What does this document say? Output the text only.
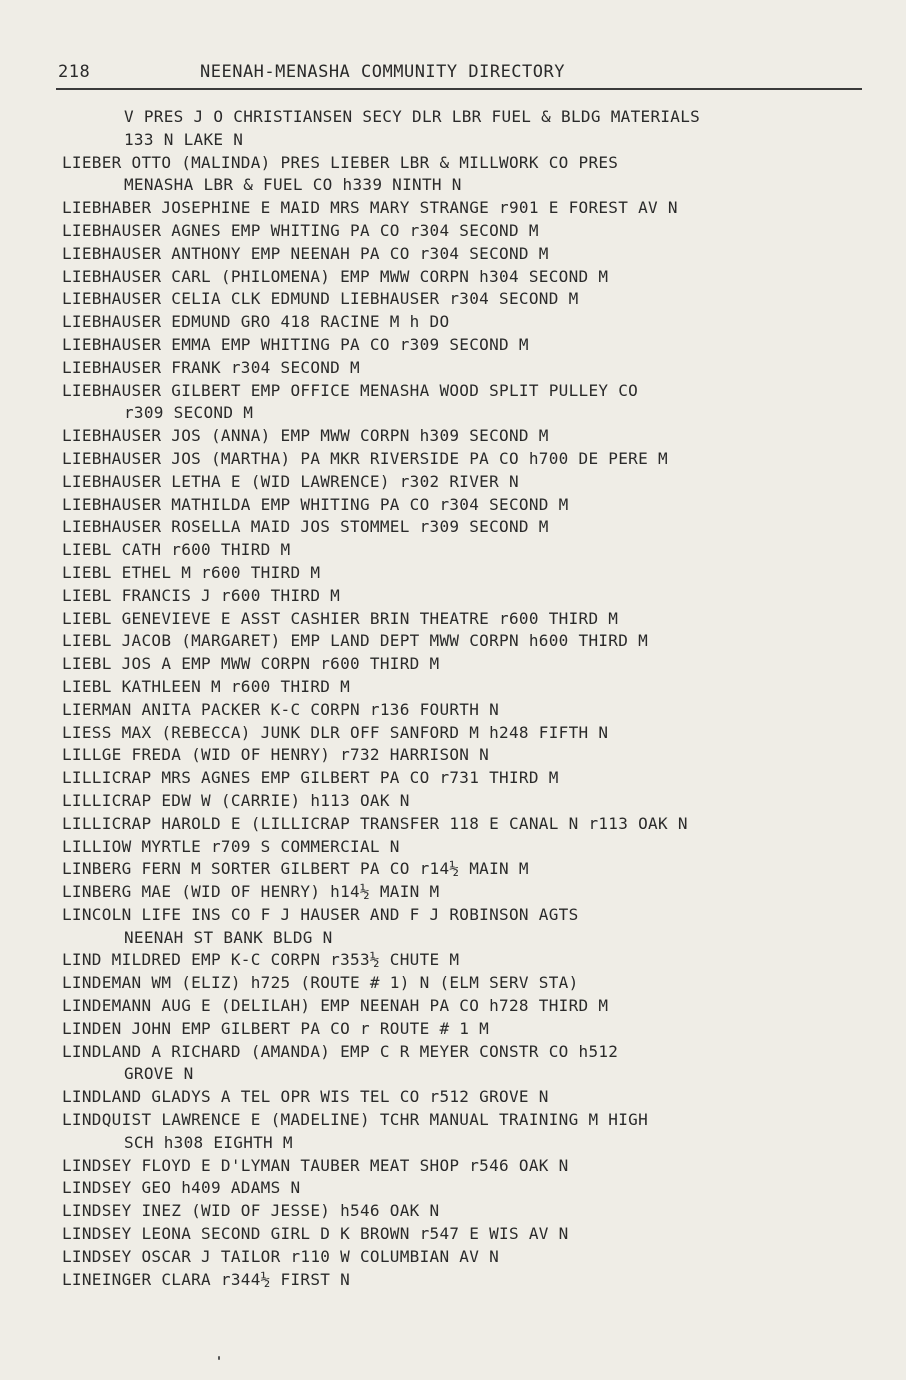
218	NEENAH-MENASHA COMMUNITY DIRECTORY
V PRES J O CHRISTIANSEN SECY DLR LBR FUEL & BLDG MATERIALS
133 N LAKE N
LIEBER OTTO (MALINDA) PRES LIEBER LBR & MILLWORK CO PRES
MENASHA LBR & FUEL CO h339 NINTH N
LIEBHABER JOSEPHINE E MAID MRS MARY STRANGE r901 E FOREST AV N
LIEBHAUSER AGNES EMP WHITING PA CO r304 SECOND M
LIEBHAUSER ANTHONY EMP NEENAH PA CO r304 SECOND M
LIEBHAUSER CARL (PHILOMENA) EMP MWW CORPN h304 SECOND M
LIEBHAUSER CELIA CLK EDMUND LIEBHAUSER r304 SECOND M
LIEBHAUSER EDMUND GRO 418 RACINE M h DO
LIEBHAUSER EMMA EMP WHITING PA CO r309 SECOND M
LIEBHAUSER FRANK r304 SECOND M
LIEBHAUSER GILBERT EMP OFFICE MENASHA WOOD SPLIT PULLEY CO
r309 SECOND M
LIEBHAUSER JOS (ANNA) EMP MWW CORPN h309 SECOND M
LIEBHAUSER JOS (MARTHA) PA MKR RIVERSIDE PA CO h700 DE PERE M
LIEBHAUSER LETHA E (WID LAWRENCE) r302 RIVER N
LIEBHAUSER MATHILDA EMP WHITING PA CO r304 SECOND M
LIEBHAUSER ROSELLA MAID JOS STOMMEL r309 SECOND M
LIEBL CATH r600 THIRD M
LIEBL ETHEL M r600 THIRD M
LIEBL FRANCIS J r600 THIRD M
LIEBL GENEVIEVE E ASST CASHIER BRIN THEATRE r600 THIRD M
LIEBL JACOB (MARGARET) EMP LAND DEPT MWW CORPN h600 THIRD M
LIEBL JOS A EMP MWW CORPN r600 THIRD M
LIEBL KATHLEEN M r600 THIRD M
LIERMAN ANITA PACKER K-C CORPN r136 FOURTH N
LIESS MAX (REBECCA) JUNK DLR OFF SANFORD M h248 FIFTH N
LILLGE FREDA (WID OF HENRY) r732 HARRISON N
LILLICRAP MRS AGNES EMP GILBERT PA CO r731 THIRD M
LILLICRAP EDW W (CARRIE) h113 OAK N
LILLICRAP HAROLD E (LILLICRAP TRANSFER 118 E CANAL N r113 OAK N
LILLIOW MYRTLE r709 S COMMERCIAL N
LINBERG FERN M SORTER GILBERT PA CO r14½ MAIN M
LINBERG MAE (WID OF HENRY) h14½ MAIN M
LINCOLN LIFE INS CO F J HAUSER AND F J ROBINSON AGTS
NEENAH ST BANK BLDG N
LIND MILDRED EMP K-C CORPN r353½ CHUTE M
LINDEMAN WM (ELIZ) h725 (ROUTE # 1) N (ELM SERV STA)
LINDEMANN AUG E (DELILAH) EMP NEENAH PA CO h728 THIRD M
LINDEN JOHN EMP GILBERT PA CO r ROUTE # 1 M
LINDLAND A RICHARD (AMANDA) EMP C R MEYER CONSTR CO h512
GROVE N
LINDLAND GLADYS A TEL OPR WIS TEL CO r512 GROVE N
LINDQUIST LAWRENCE E (MADELINE) TCHR MANUAL TRAINING M HIGH
SCH h308 EIGHTH M
LINDSEY FLOYD E D'LYMAN TAUBER MEAT SHOP r546 OAK N
LINDSEY GEO h409 ADAMS N
LINDSEY INEZ (WID OF JESSE) h546 OAK N
LINDSEY LEONA SECOND GIRL D K BROWN r547 E WIS AV N
LINDSEY OSCAR J TAILOR r110 W COLUMBIAN AV N
LINEINGER CLARA r344½ FIRST N
